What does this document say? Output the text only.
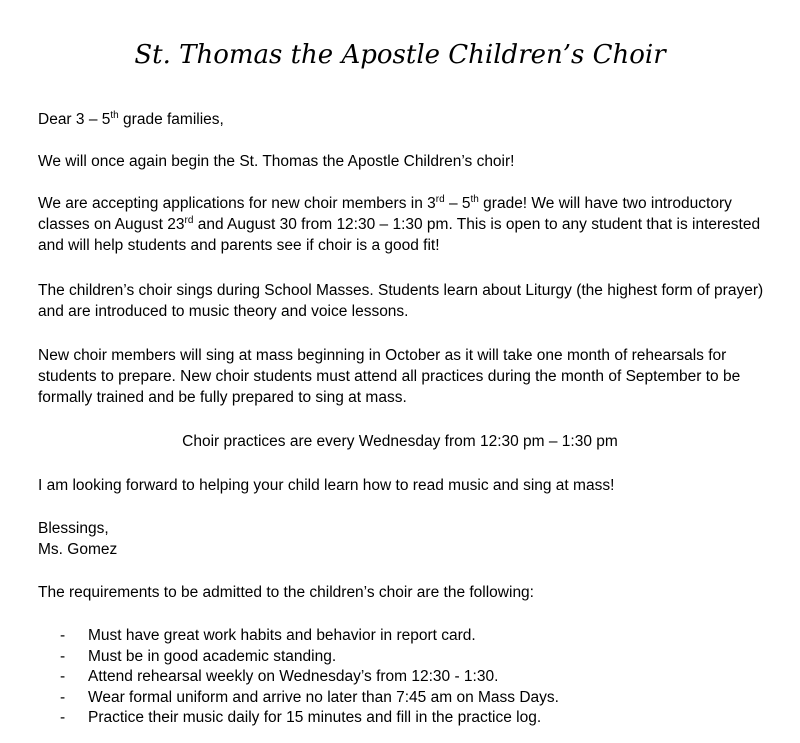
St. Thomas the Apostle Children’s Choir

Dear 3 – 5th grade families,

We will once again begin the St. Thomas the Apostle Children’s choir!

We are accepting applications for new choir members in 3rd – 5th grade! We will have two introductory classes on August 23rd and August 30 from 12:30 – 1:30 pm. This is open to any student that is interested and will help students and parents see if choir is a good fit!

The children’s choir sings during School Masses. Students learn about Liturgy (the highest form of prayer) and are introduced to music theory and voice lessons.

New choir members will sing at mass beginning in October as it will take one month of rehearsals for students to prepare. New choir students must attend all practices during the month of September to be formally trained and be fully prepared to sing at mass.

Choir practices are every Wednesday from 12:30 pm – 1:30 pm

I am looking forward to helping your child learn how to read music and sing at mass!

Blessings,

Ms. Gomez

The requirements to be admitted to the children’s choir are the following:

- Must have great work habits and behavior in report card.
- Must be in good academic standing.
- Attend rehearsal weekly on Wednesday’s from 12:30 - 1:30.
- Wear formal uniform and arrive no later than 7:45 am on Mass Days.
- Practice their music daily for 15 minutes and fill in the practice log.
